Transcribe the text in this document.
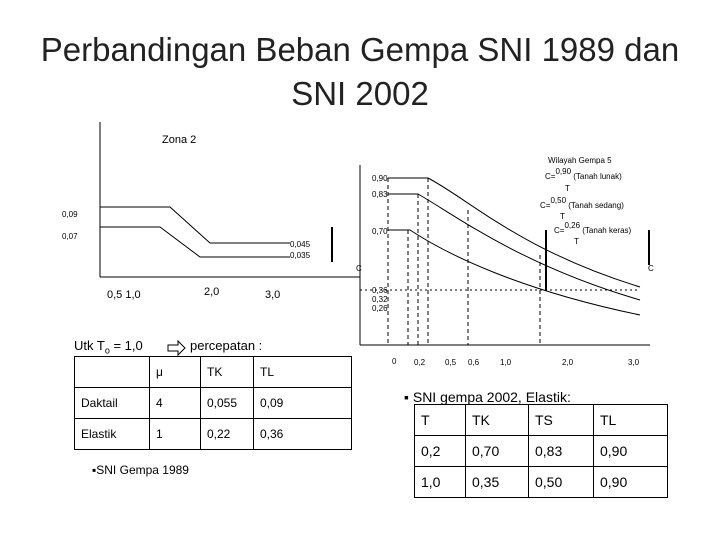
Perbandingan Beban Gempa SNI 1989 dan
SNI 2002
Zona 2
0,09
0,07
0,045
0,035
0,5 1,0	2,0	3,0
Wilayah Gempa 5
0,90
0,83
0,70
0,36
0,32
0,26
C	C
C=0,90 (Tanah lunak)
T
C=0,50 (Tanah sedang)
T
C=0,26 (Tanah keras)
T
0 0,2 0,5 0,6	1,0	2,0	3,0
Utk $T_o = 1,0$	percepatan :
	μ	TK	TL
Daktail	4	0,055	0,09
Elastik	1	0,22	0,36
▪SNI Gempa 1989
▪ SNI gempa 2002, Elastik:
T	TK	TS	TL
0,2	0,70	0,83	0,90
1,0	0,35	0,50	0,90
